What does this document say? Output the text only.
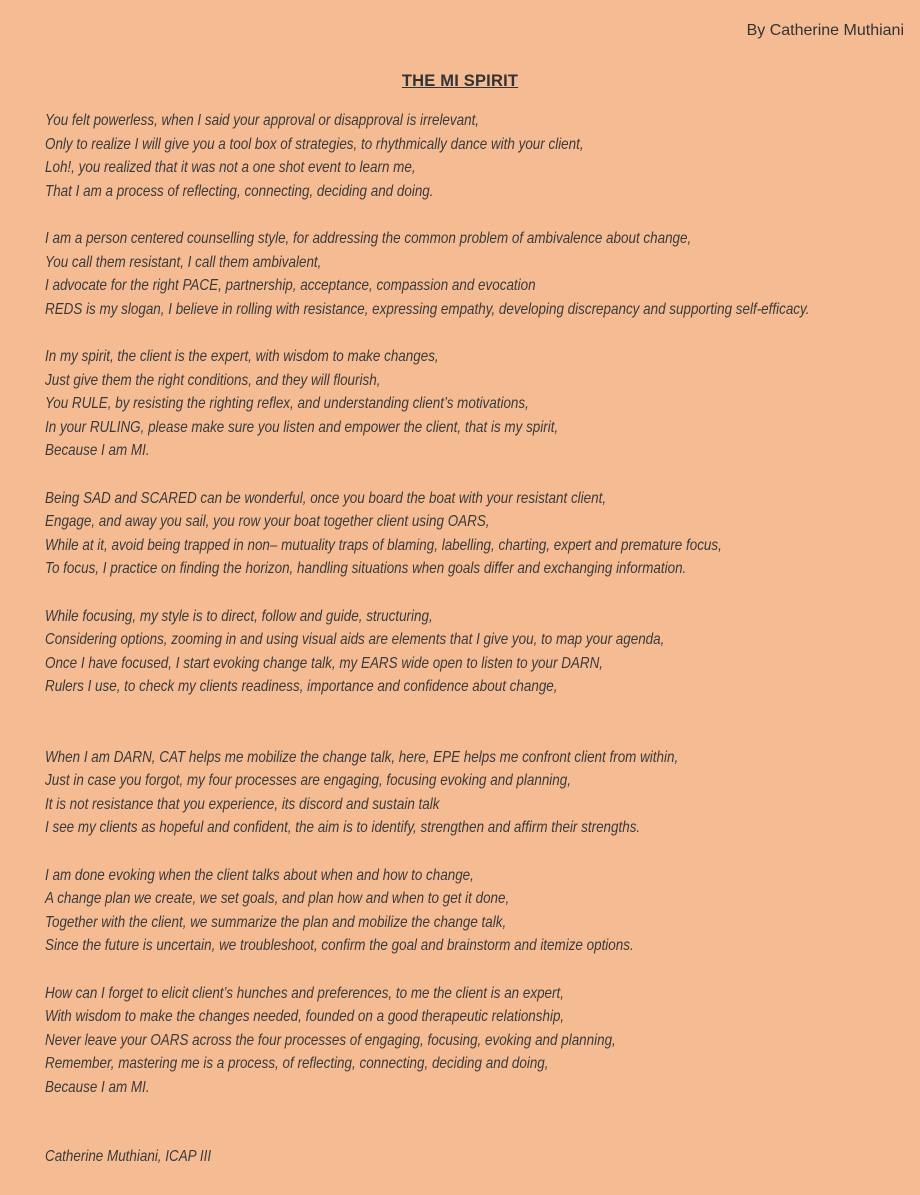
By Catherine Muthiani
THE MI SPIRIT
You felt powerless, when I said your approval or disapproval is irrelevant,
Only to realize I will give you a tool box of strategies, to rhythmically dance with your client,
Loh!, you realized that it was not a one shot event to learn me,
That I am a process of reflecting, connecting, deciding and doing.
I am a person centered counselling style, for addressing the common problem of ambivalence about change,
You call them resistant, I call them ambivalent,
I advocate for the right PACE, partnership, acceptance, compassion and evocation
REDS is my slogan, I believe in rolling with resistance, expressing empathy, developing discrepancy and supporting self-efficacy.
In my spirit, the client is the expert, with wisdom to make changes,
Just give them the right conditions, and they will flourish,
You RULE, by resisting the righting reflex, and understanding client’s motivations,
In your RULING, please make sure you listen and empower the client, that is my spirit,
Because I am MI.
Being SAD and SCARED can be wonderful, once you board the boat with your resistant client,
Engage, and away you sail, you row your boat together client using OARS,
While at it, avoid being trapped in non– mutuality traps of blaming, labelling, charting, expert and premature focus,
To focus, I practice on finding the horizon, handling situations when goals differ and exchanging information.
While focusing, my style is to direct, follow and guide, structuring,
Considering options, zooming in and using visual aids are elements that I give you, to map your agenda,
Once I have focused, I start evoking change talk, my EARS wide open to listen to your DARN,
Rulers I use, to check my clients readiness, importance and confidence about change,
When I am DARN, CAT helps me mobilize the change talk, here, EPE helps me confront client from within,
Just in case you forgot, my four processes are engaging, focusing evoking and planning,
It is not resistance that you experience, its discord and sustain talk
I see my clients as hopeful and confident, the aim is to identify, strengthen and affirm their strengths.
I am done evoking when the client talks about when and how to change,
A change plan we create, we set goals, and plan how and when to get it done,
Together with the client, we summarize the plan and mobilize the change talk,
Since the future is uncertain, we troubleshoot, confirm the goal and brainstorm and itemize options.
How can I forget to elicit client’s hunches and preferences, to me the client is an expert,
With wisdom to make the changes needed, founded on a good therapeutic relationship,
Never leave your OARS across the four processes of engaging, focusing, evoking and planning,
Remember, mastering me is a process, of reflecting, connecting, deciding and doing,
Because I am MI.
Catherine Muthiani, ICAP III
